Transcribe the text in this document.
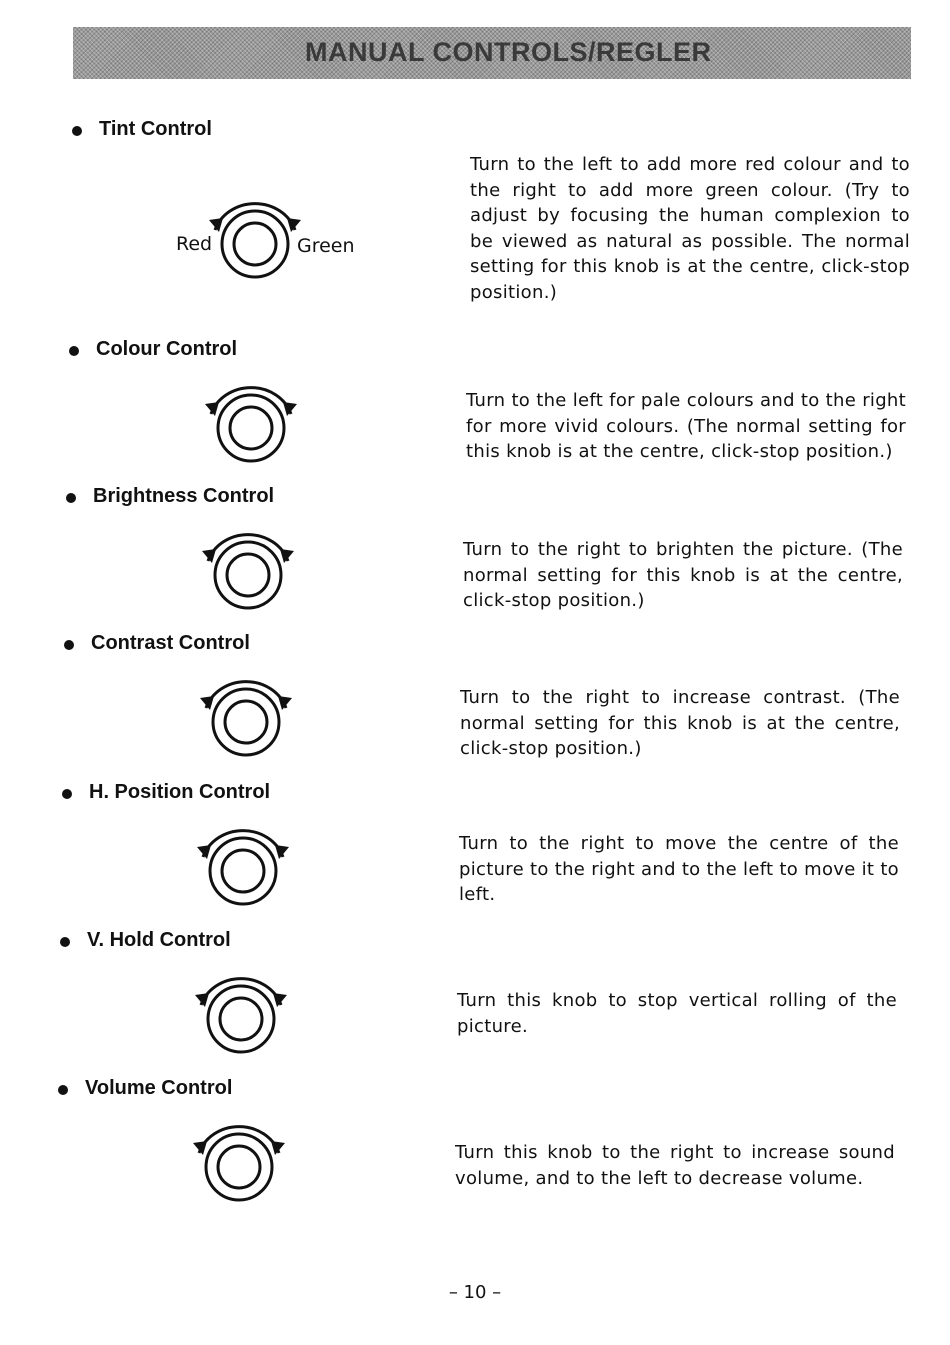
MANUAL CONTROLS/REGLER
Tint Control
Red	Green
Turn to the left to add more red colour and to the right to add more green colour. (Try to adjust by focusing the human complexion to be viewed as natural as possible. The normal setting for this knob is at the centre, click-stop position.)
Colour Control
Turn to the left for pale colours and to the right for more vivid colours. (The normal setting for this knob is at the centre, click-stop position.)
Brightness Control
Turn to the right to brighten the picture. (The normal setting for this knob is at the centre, click-stop position.)
Contrast Control
Turn to the right to increase contrast. (The normal setting for this knob is at the centre, click-stop position.)
H. Position Control
Turn to the right to move the centre of the picture to the right and to the left to move it to left.
V. Hold Control
Turn this knob to stop vertical rolling of the picture.
Volume Control
Turn this knob to the right to increase sound volume, and to the left to decrease volume.
– 10 –
